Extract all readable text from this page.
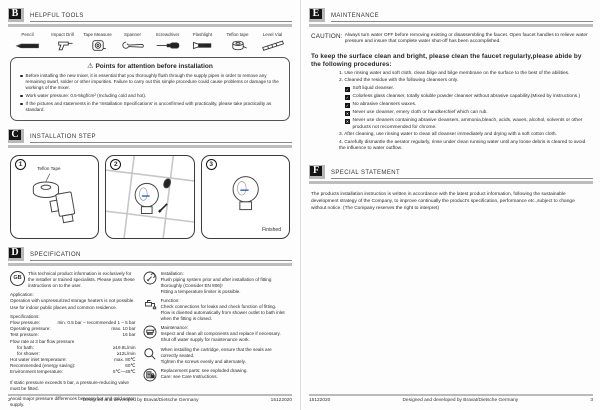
B	HELPFUL TOOLS
Pencil	Impact Drill	Tape Measure	Spanner	Screwdriver	Flashlight	Teflon tape	Level Vial
⚠ Points for attention before installation
Before installing the new mixer, it is essential that you thoroughly flush through the supply pipes in order to remove any remaining swarf, solder or other impurities. Failure to carry out this simple procedure could cause problems or damage to the workings of the mixer.
Work water pressure: 0.5-5kgf/cm² (Including cold and hot).
If the pictures and statements in the 'Installation Specifications' is unconfirmed with practicality, please take practicality as standard.
C	INSTALLATION STEP
1
Teflon Tape
2	3
Finished
D	SPECIFICATION
GB
This technical product information is exclusively for the installer or trained specialists. Please pass these instructions on to the user.
Application:
Operation with unpressurized storage heaters is not possible.
Use for indoor public places and common residence.
Specifications:
Flow pressure:	min. 0.5 bar – recommended 1 – 5 bar
Operating pressure:	max. 10 bar
Test pressure:	16 bar
Flow rate at 3 bar flow pressure
for bath:	≥19.8L/min
for shower:	≥12L/min
Hot water inlet temperature:	max. 80℃
Recommended (energy saving):	60℃
Environment temperature:	5℃—45℃
If static pressure exceeds 5 bar, a pressure-reducing valve must be fitted.
Avoid major pressure differences between hot and cold water supply.
Installation:
Flush piping system prior and after installation of fitting thoroughly (Consider EN 806)!
Fitting a temperature limiter is possible.
Function:
Check connections for leaks and check function of fitting.
Flow is diverted automatically from shower outlet to bath inlet when the fitting is closed.
Maintenance:
Inspect and clean all components and replace if necessary.
Shut off water supply for maintenance work.
When installing the cartridge, ensure that the seals are correctly seated.
Tighten the screws evenly and alternately.
Replacement parts: see exploded drawing.
Care: see Care Instructions.
2	Designed and developed by Bravat/Dietsche Germany	15122020
E	MAINTENANCE
CAUTION: Always turn water OFF before removing existing or disassembling the faucet. Open faucet handles to relieve water pressure and insure that complete water shut-off has been accomplished.
To keep the surface clean and bright, please clean the faucet regularly,please abide by the following procedures:
1. Use rinsing water and soft cloth, clean bilge and bilge membrane on the surface to the best of the abilities.
2. Cleaned the residue with the following cleansers only.
✓ Soft liquid cleanser.
✓ Colorless glass cleanser, totally soluble powder cleanser without abrasive capability.(Mixed by instructions.)
✓ No abrasive cleansers waxes.
✕ Never use cleanser, emery cloth or handkerchief which can rub.
✕ Never use cleaners containing abrasive cleansers, ammonia,bleach, acids, waxes, alcohol, solvents or other products not recommended for chrome.
3. After cleaning, use rinsing water to clean all cleanser immediately and drying with a soft cotton cloth.
4. Carefully dismantle the aerator regularly, rinse under clean running water until any loose debris is cleared to avoid the influence to water outflow.
F	SPECIAL STATEMENT
The products installation instruction is written in accordance with the latest product information, following the sustainable development strategy of the Company, to improve continually the product's specification, performance etc.,subject to change without notice. (The Company reserves the right to interpret)
15122020	Designed and developed by Bravat/Dietsche Germany	3
